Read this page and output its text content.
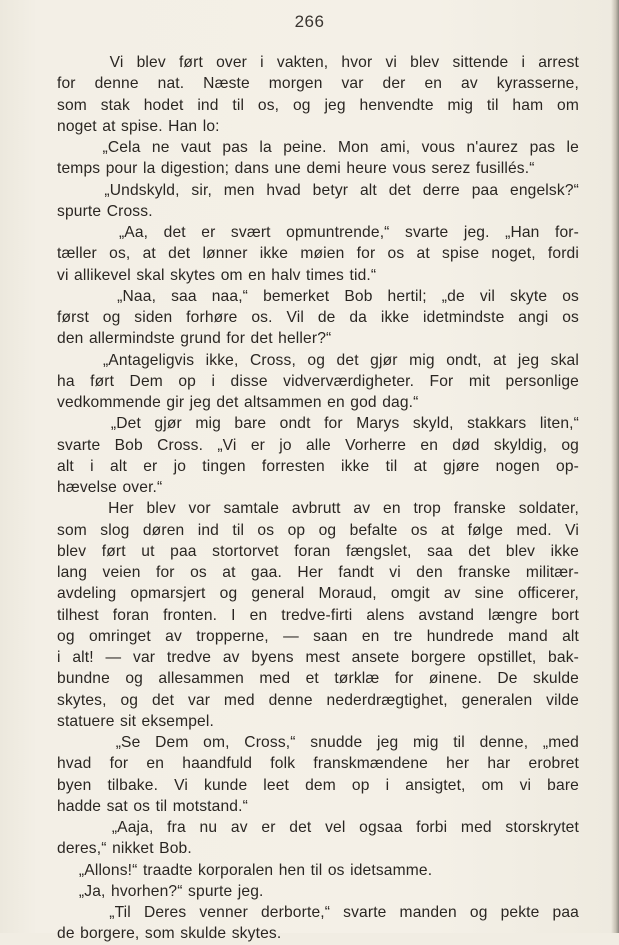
266
Vi blev ført over i vakten, hvor vi blev sittende i arrest
for denne nat. Næste morgen var der en av kyrasserne,
som stak hodet ind til os, og jeg henvendte mig til ham om
noget at spise. Han lo:
„Cela ne vaut pas la peine. Mon ami, vous n'aurez pas le
temps pour la digestion; dans une demi heure vous serez fusillés.“
„Undskyld, sir, men hvad betyr alt det derre paa engelsk?“
spurte Cross.
„Aa, det er svært opmuntrende,“ svarte jeg. „Han for-
tæller os, at det lønner ikke møien for os at spise noget, fordi
vi allikevel skal skytes om en halv times tid.“
„Naa, saa naa,“ bemerket Bob hertil; „de vil skyte os
først og siden forhøre os. Vil de da ikke idetmindste angi os
den allermindste grund for det heller?“
„Antageligvis ikke, Cross, og det gjør mig ondt, at jeg skal
ha ført Dem op i disse vidverværdigheter. For mit personlige
vedkommende gir jeg det altsammen en god dag.“
„Det gjør mig bare ondt for Marys skyld, stakkars liten,“
svarte Bob Cross. „Vi er jo alle Vorherre en død skyldig, og
alt i alt er jo tingen forresten ikke til at gjøre nogen op-
hævelse over.“
Her blev vor samtale avbrutt av en trop franske soldater,
som slog døren ind til os op og befalte os at følge med. Vi
blev ført ut paa stortorvet foran fængslet, saa det blev ikke
lang veien for os at gaa. Her fandt vi den franske militær-
avdeling opmarsjert og general Moraud, omgit av sine officerer,
tilhest foran fronten. I en tredve-firti alens avstand længre bort
og omringet av tropperne, — saan en tre hundrede mand alt
i alt! — var tredve av byens mest ansete borgere opstillet, bak-
bundne og allesammen med et tørklæ for øinene. De skulde
skytes, og det var med denne nederdrægtighet, generalen vilde
statuere sit eksempel.
„Se Dem om, Cross,“ snudde jeg mig til denne, „med
hvad for en haandfuld folk franskmændene her har erobret
byen tilbake. Vi kunde leet dem op i ansigtet, om vi bare
hadde sat os til motstand.“
„Aaja, fra nu av er det vel ogsaa forbi med storskrytet
deres,“ nikket Bob.
„Allons!“ traadte korporalen hen til os idetsamme.
„Ja, hvorhen?“ spurte jeg.
„Til Deres venner derborte,“ svarte manden og pekte paa
de borgere, som skulde skytes.
